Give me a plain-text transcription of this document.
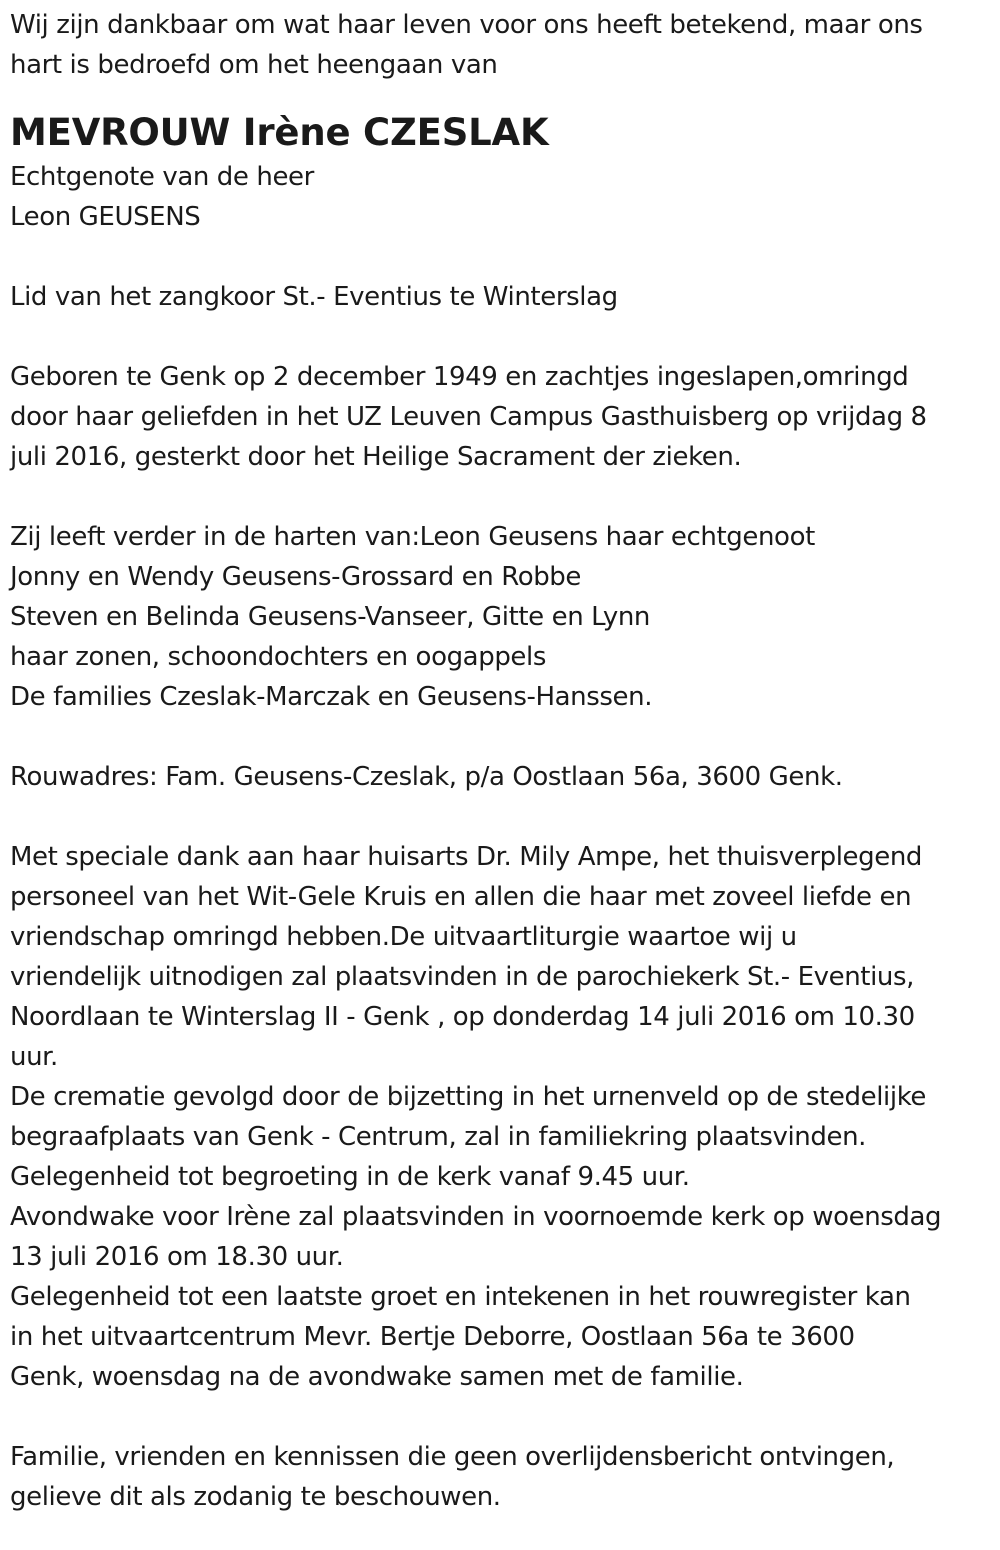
Wij zijn dankbaar om wat haar leven voor ons heeft betekend, maar ons

hart is bedroefd om het heengaan van

MEVROUW Irène CZESLAK

Echtgenote van de heer

Leon GEUSENS

Lid van het zangkoor St.- Eventius te Winterslag

Geboren te Genk op 2 december 1949 en zachtjes ingeslapen,omringd

door haar geliefden in het UZ Leuven Campus Gasthuisberg op vrijdag 8

juli 2016, gesterkt door het Heilige Sacrament der zieken.

Zij leeft verder in de harten van:Leon Geusens haar echtgenoot

Jonny en Wendy Geusens-Grossard en Robbe

Steven en Belinda Geusens-Vanseer, Gitte en Lynn

haar zonen, schoondochters en oogappels

De families Czeslak-Marczak en Geusens-Hanssen.

Rouwadres: Fam. Geusens-Czeslak, p/a Oostlaan 56a, 3600 Genk.

Met speciale dank aan haar huisarts Dr. Mily Ampe, het thuisverplegend

personeel van het Wit-Gele Kruis en allen die haar met zoveel liefde en

vriendschap omringd hebben.De uitvaartliturgie waartoe wij u

vriendelijk uitnodigen zal plaatsvinden in de parochiekerk St.- Eventius,

Noordlaan te Winterslag II - Genk , op donderdag 14 juli 2016 om 10.30

uur.

De crematie gevolgd door de bijzetting in het urnenveld op de stedelijke

begraafplaats van Genk - Centrum, zal in familiekring plaatsvinden.

Gelegenheid tot begroeting in de kerk vanaf 9.45 uur.

Avondwake voor Irène zal plaatsvinden in voornoemde kerk op woensdag

13 juli 2016 om 18.30 uur.

Gelegenheid tot een laatste groet en intekenen in het rouwregister kan

in het uitvaartcentrum Mevr. Bertje Deborre, Oostlaan 56a te 3600

Genk, woensdag na de avondwake samen met de familie.

Familie, vrienden en kennissen die geen overlijdensbericht ontvingen,

gelieve dit als zodanig te beschouwen.
